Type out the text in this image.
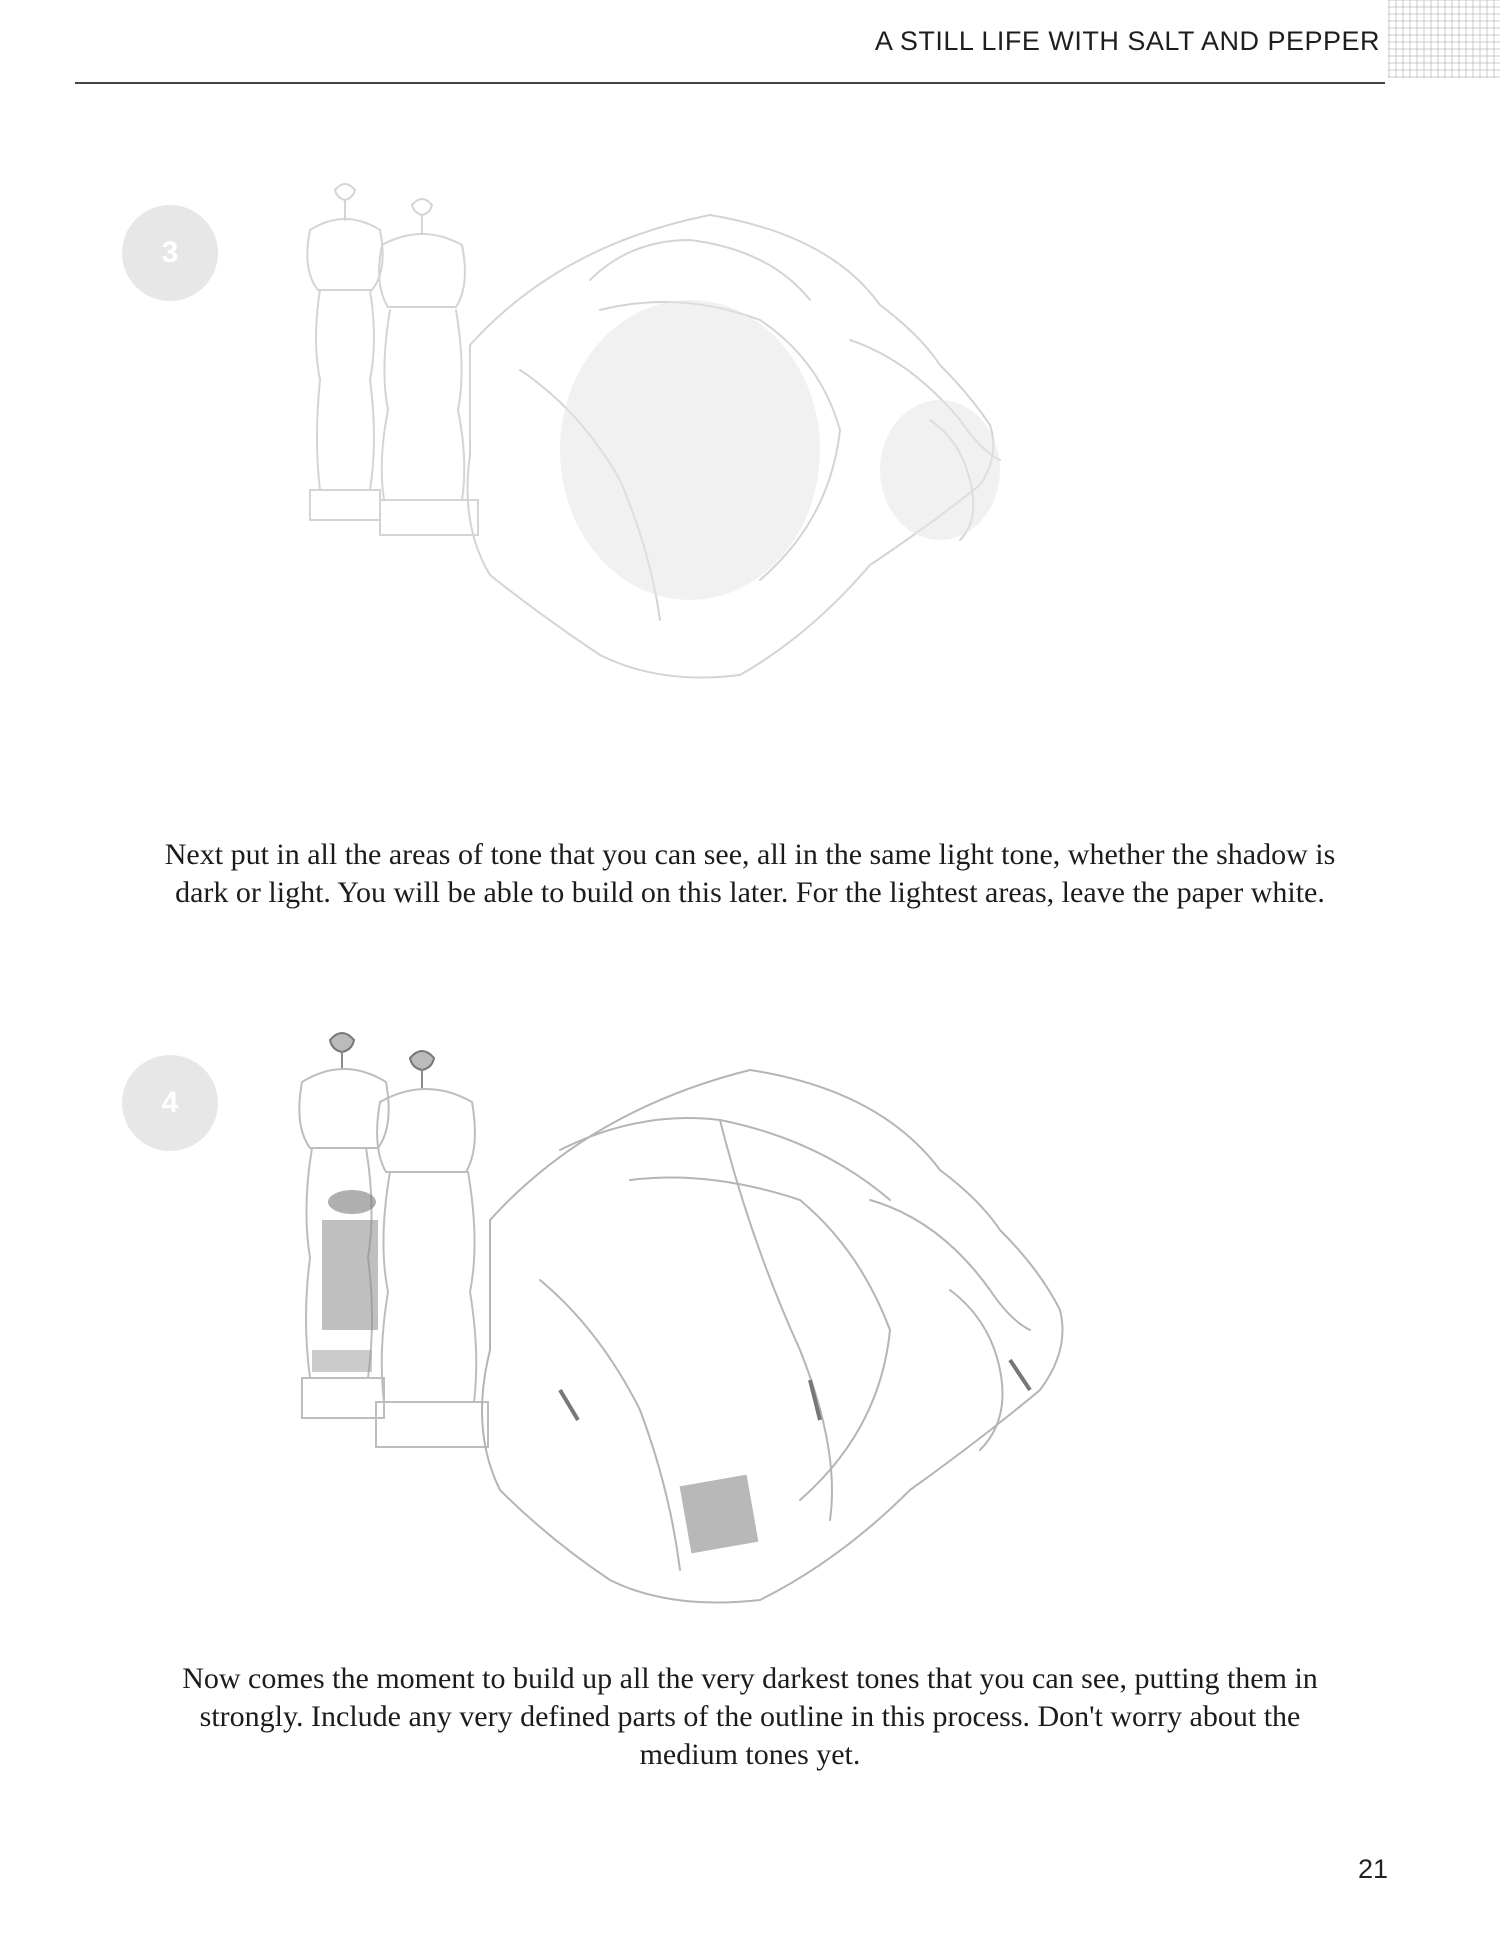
A STILL LIFE WITH SALT AND PEPPER
3
Next put in all the areas of tone that you can see, all in the same light tone, whether the shadow is dark or light. You will be able to build on this later. For the lightest areas, leave the paper white.
4
Now comes the moment to build up all the very darkest tones that you can see, putting them in strongly. Include any very defined parts of the outline in this process. Don't worry about the medium tones yet.
21
